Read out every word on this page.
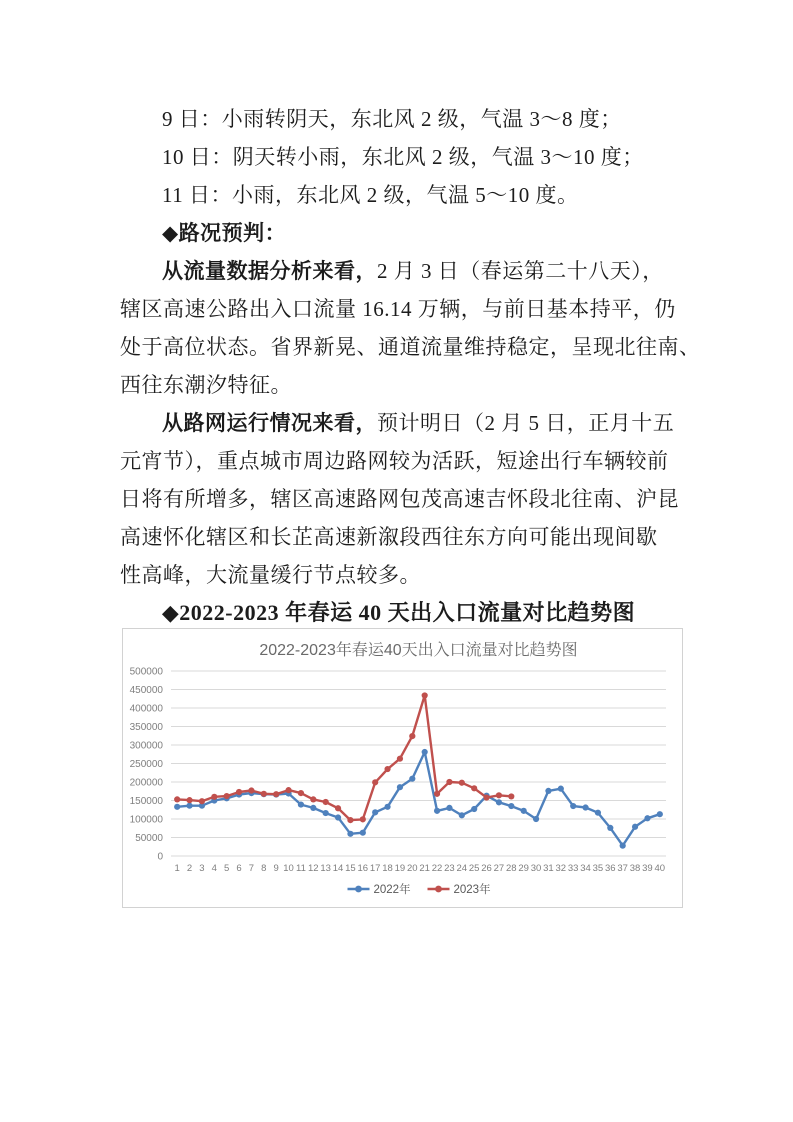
9 日：小雨转阴天，东北风 2 级，气温 3～8 度；
10 日：阴天转小雨，东北风 2 级，气温 3～10 度；
11 日：小雨，东北风 2 级，气温 5～10 度。
◆路况预判：
从流量数据分析来看，2 月 3 日（春运第二十八天），
辖区高速公路出入口流量 16.14 万辆，与前日基本持平，仍
处于高位状态。省界新晃、通道流量维持稳定，呈现北往南、
西往东潮汐特征。
从路网运行情况来看，预计明日（2 月 5 日，正月十五
元宵节），重点城市周边路网较为活跃，短途出行车辆较前
日将有所增多，辖区高速路网包茂高速吉怀段北往南、沪昆
高速怀化辖区和长芷高速新溆段西往东方向可能出现间歇
性高峰，大流量缓行节点较多。
◆2022-2023 年春运 40 天出入口流量对比趋势图
2022-2023年春运40天出入口流量对比趋势图
0
50000
100000
150000
200000
250000
300000
350000
400000
450000
500000
1 2 3 4 5 6 7 8 9 10 11 12 13 14 15 16 17 18 19 20 21 22 23 24 25 26 27 28 29 30 31 32 33 34 35 36 37 38 39 40
2022年	2023年
